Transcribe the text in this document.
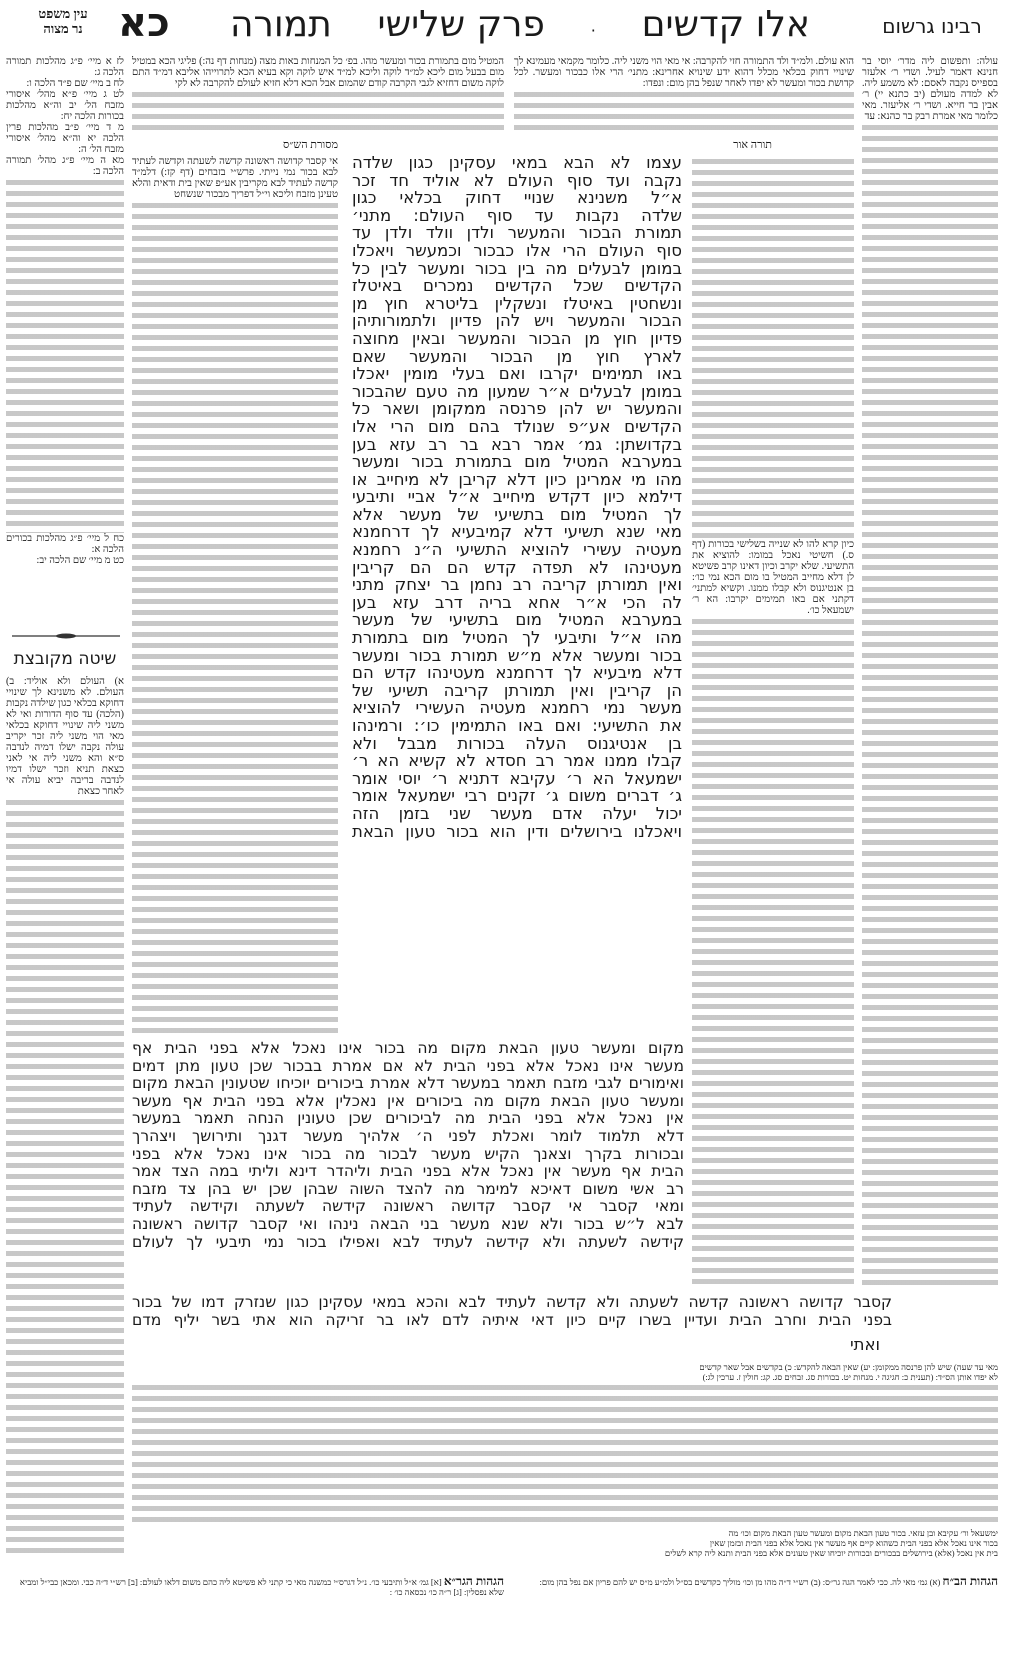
עין משפט
נר מצוה כא	אלו קדשים
·
פרק שלישי
תמורה	רבינו גרשום
לז א מיי׳ פ״ג מהלכות תמורה הלכה ג:
לח ב מיי׳ שם פ״ד הלכה ו:
לט ג מיי׳ פ״א מהל׳ איסורי מזבח הל׳ יב וה״א מהלכות בכורות הלכה יח:
מ ד מיי׳ פ״ב מהלכות פרין הלכה יא וה״א מהל׳ איסורי מזבח הל׳ ה:
מא ה מיי׳ פ״ג מהל׳ תמורה הלכה ב:
כח ל מיי׳ פ״ג מהלכות בכורים הלכה א:
כט מ מיי׳ שם הלכה יב:
שיטה מקובצת
א) העולם ולא אוליד: ב) העולם. לא משנינא לך שינויי דחוקא בכלאי כגון שילדה נקבות (הלכה) עד סוף הדורות ואי לא משני ליה שינויי דחוקא בכלאי מאי הוי משני ליה זכר יקריב עולה נקבה ישלו דמיה לנדבה ס״א והא משני ליה אי לאני כצאת תניא וזכר ישלו דמיו לנדבה בריבה יביא עולה אי לאחר כצאת
המטיל מום בתמורת בכור ומעשר מהו. בפ׳ כל המנחות באות מצה (מנחות דף נה:) פליגי הכא במטיל מום בבעל מום ליכא למ״ד לוקה וליכא למ״ד איש לוקה וקא בעיא הכא לתרוייהו אליבא דמ״ד התם לוקה משום דחזיא לגבי הקרבה קודם שהמום אבל הכא דלא חזיא לעולם להקרבה לא לקי
מסורת הש״ס
אי קסבר קדושה ראשונה קדשה לשעתה וקדשה לעתיד לבא בכור נמי נייתי. פרש״י בזבחים (דף קז:) דלמ״ד קדשה לעתיד לבא מקריבין אע״פ שאין בית ודאית והלא טעינן מזבח וליכא וי״ל דפריך מבכור שנשחט
הוא עולם. ולמ״ד ולד התמורה חזי להקרבה: אי מאי הוי משני ליה. כלומר מקמאי מעמינא לך שינויי דחוק בכלאי מכלל דהוא ידע שינויא אחרינא: מתני׳ הרי אלו כבכור ומעשר. לכל קדושת בכור ומעשר לא יפדו לאחר שנפל בהן מום: ונפדו:
תורה אור
כיון קרא להו לא שנייה בשלישי בכורות (דף ס.) חשיטי נאכל במומו: להוציא את התשיעי. שלא יקרב וכיון דאינו קרב פשיטא לן דלא מחייב המטיל בו מום הכא נמי כו׳: בן אנטיגנוס ולא קבלו ממנו. וקשיא למתני׳ דקתני אם באו תמימים יקרבו: הא ר׳ ישמעאל כו׳.
עולה: ותפשום ליה מדר׳ יוסי בר חנינא דאמר לעיל. ושדי ר׳ אלעזר בספייס נקבה לאסם: לא משמע ליה. לא למדה מעולם (יב כתנא יי) ר׳ אבין בר חייא. ושדי ר׳ אליעזר. מאי כלומר מאי אמרת רבק בר כהנא: עד
עצמו לא הבא במאי עסקינן כגון שלדה
נקבה ועד סוף העולם לא אוליד חד זכר
א״ל משנינא שנויי דחוק בכלאי כגון
שלדה נקבות עד סוף העולם: מתני׳
תמורת הבכור והמעשר ולדן וולד ולדן עד
סוף העולם הרי אלו כבכור וכמעשר ויאכלו
במומן לבעלים מה בין בכור ומעשר לבין כל
הקדשים שכל הקדשים נמכרים באיטלז
ונשחטין באיטלז ונשקלין בליטרא חוץ מן
הבכור והמעשר ויש להן פדיון ולתמורותיהן
פדיון חוץ מן הבכור והמעשר ובאין מחוצה
לארץ חוץ מן הבכור והמעשר שאם
באו תמימים יקרבו ואם בעלי מומין יאכלו
במומן לבעלים א״ר שמעון מה טעם שהבכור
והמעשר יש להן פרנסה ממקומן ושאר כל
הקדשים אע״פ שנולד בהם מום הרי אלו
בקדושתן: גמ׳ אמר רבא בר רב עזא בען
במערבא המטיל מום בתמורת בכור ומעשר
מהו מי אמרינן כיון דלא קריבן לא מיחייב או
דילמא כיון דקדש מיחייב א״ל אביי ותיבעי
לך המטיל מום בתשיעי של מעשר אלא
מאי שנא תשיעי דלא קמיבעיא לך דרחמנא
מעטיה עשירי להוציא התשיעי ה״נ רחמנא
מעטינהו לא תפדה קדש הם הם קריבין
ואין תמורתן קריבה רב נחמן בר יצחק מתני
לה הכי א״ר אחא בריה דרב עזא בען
במערבא המטיל מום בתשיעי של מעשר
מהו א״ל ותיבעי לך המטיל מום בתמורת
בכור ומעשר אלא מ״ש תמורת בכור ומעשר
דלא מיבעיא לך דרחמנא מעטינהו קדש הם
הן קריבין ואין תמורתן קריבה תשיעי של
מעשר נמי רחמנא מעטיה העשירי להוציא
את התשיעי: ואם באו התמימין כו׳: ורמינהו
בן אנטיגנוס העלה בכורות מבבל ולא
קבלו ממנו אמר רב חסדא לא קשיא הא ר׳
ישמעאל הא ר׳ עקיבא דתניא ר׳ יוסי אומר
ג׳ דברים משום ג׳ זקנים רבי ישמעאל אומר
יכול יעלה אדם מעשר שני בזמן הזה
ויאכלנו בירושלים ודין הוא בכור טעון הבאת
מקום ומעשר טעון הבאת מקום מה בכור אינו נאכל אלא בפני הבית אף
מעשר אינו נאכל אלא בפני הבית לא אם אמרת בבכור שכן טעון מתן דמים
ואימורים לגבי מזבח תאמר במעשר דלא אמרת ביכורים יוכיחו שטעונין הבאת מקום
ומעשר טעון הבאת מקום מה ביכורים אין נאכלין אלא בפני הבית אף מעשר
אין נאכל אלא בפני הבית מה לביכורים שכן טעונין הנחה תאמר במעשר
דלא תלמוד לומר ואכלת לפני ה׳ אלהיך מעשר דגנך ותירושך ויצהרך
ובכורות בקרך וצאנך הקיש מעשר לבכור מה בכור אינו נאכל אלא בפני
הבית אף מעשר אין נאכל אלא בפני הבית וליהדר דינא וליתי במה הצד אמר
רב אשי משום דאיכא למימר מה להצד השוה שבהן שכן יש בהן צד מזבח
ומאי קסבר אי קסבר קדושה ראשונה קידשה לשעתה וקידשה לעתיד
לבא ל״ש בכור ולא שנא מעשר בני הבאה נינהו ואי קסבר קדושה ראשונה
קידשה לשעתה ולא קידשה לעתיד לבא ואפילו בכור נמי תיבעי לך לעולם
קסבר קדושה ראשונה קדשה לשעתה ולא קדשה לעתיד לבא והכא במאי עסקינן כגון שנזרק דמו של בכור
בפני הבית וחרב הבית ועדיין בשרו קיים כיון דאי איתיה לדם לאו בר זריקה הוא אתי בשר יליף מדם
ואתי
מאי עד שעה) שיש להן פרנסה ממקומן: יע) שאין הבאה להקדש: כ) בקדשים אבל שאר קדשים
לא יפדו אותן הס״ד: (תענית כ: חגיגה י. מנחות יט. בכורות סג. זבחים סג. קג: חולין ז. ערכין לג:)
ימשעאל ור׳ עקיבא ובן עזאי. בכור טעון הבאת מקום ומעשר טעון הבאת מקום וכו׳ מה
בכור אינו נאכל אלא בפני הבית כשהוא קיים אף מעשר אין נאכל אלא בפני הבית ובזמן שאין
בית אין נאכל (אלא) בירושלים בבכורים ובכורות יוכיחו שאין טעונים אלא בפני הבית ותנא ליה קרא לשלים
הגהות הב״ח (א) גמ׳ מאי לה. ככי לאמר הגה גר״ס: (ב) רש״י ד״ה מהו מן וכו׳ מוליך כקדשים בס״ל ולמ״ע מ״ס יש להם פריון אם נפל בהן מום:
הגהות הגר״א [א] גמ׳ א״ל ותיבעי כו׳. נ״ל דגרס״י כמשנה מאי כי קתני לא פשיטא ליה כהם משום דלאו לעולם: [ב] רש״י ד״ה כבי. ומכאן כבי״ל ומביא שלא נפסלין: [ג] ר״ה כו׳ נכסאה כו׳ :
